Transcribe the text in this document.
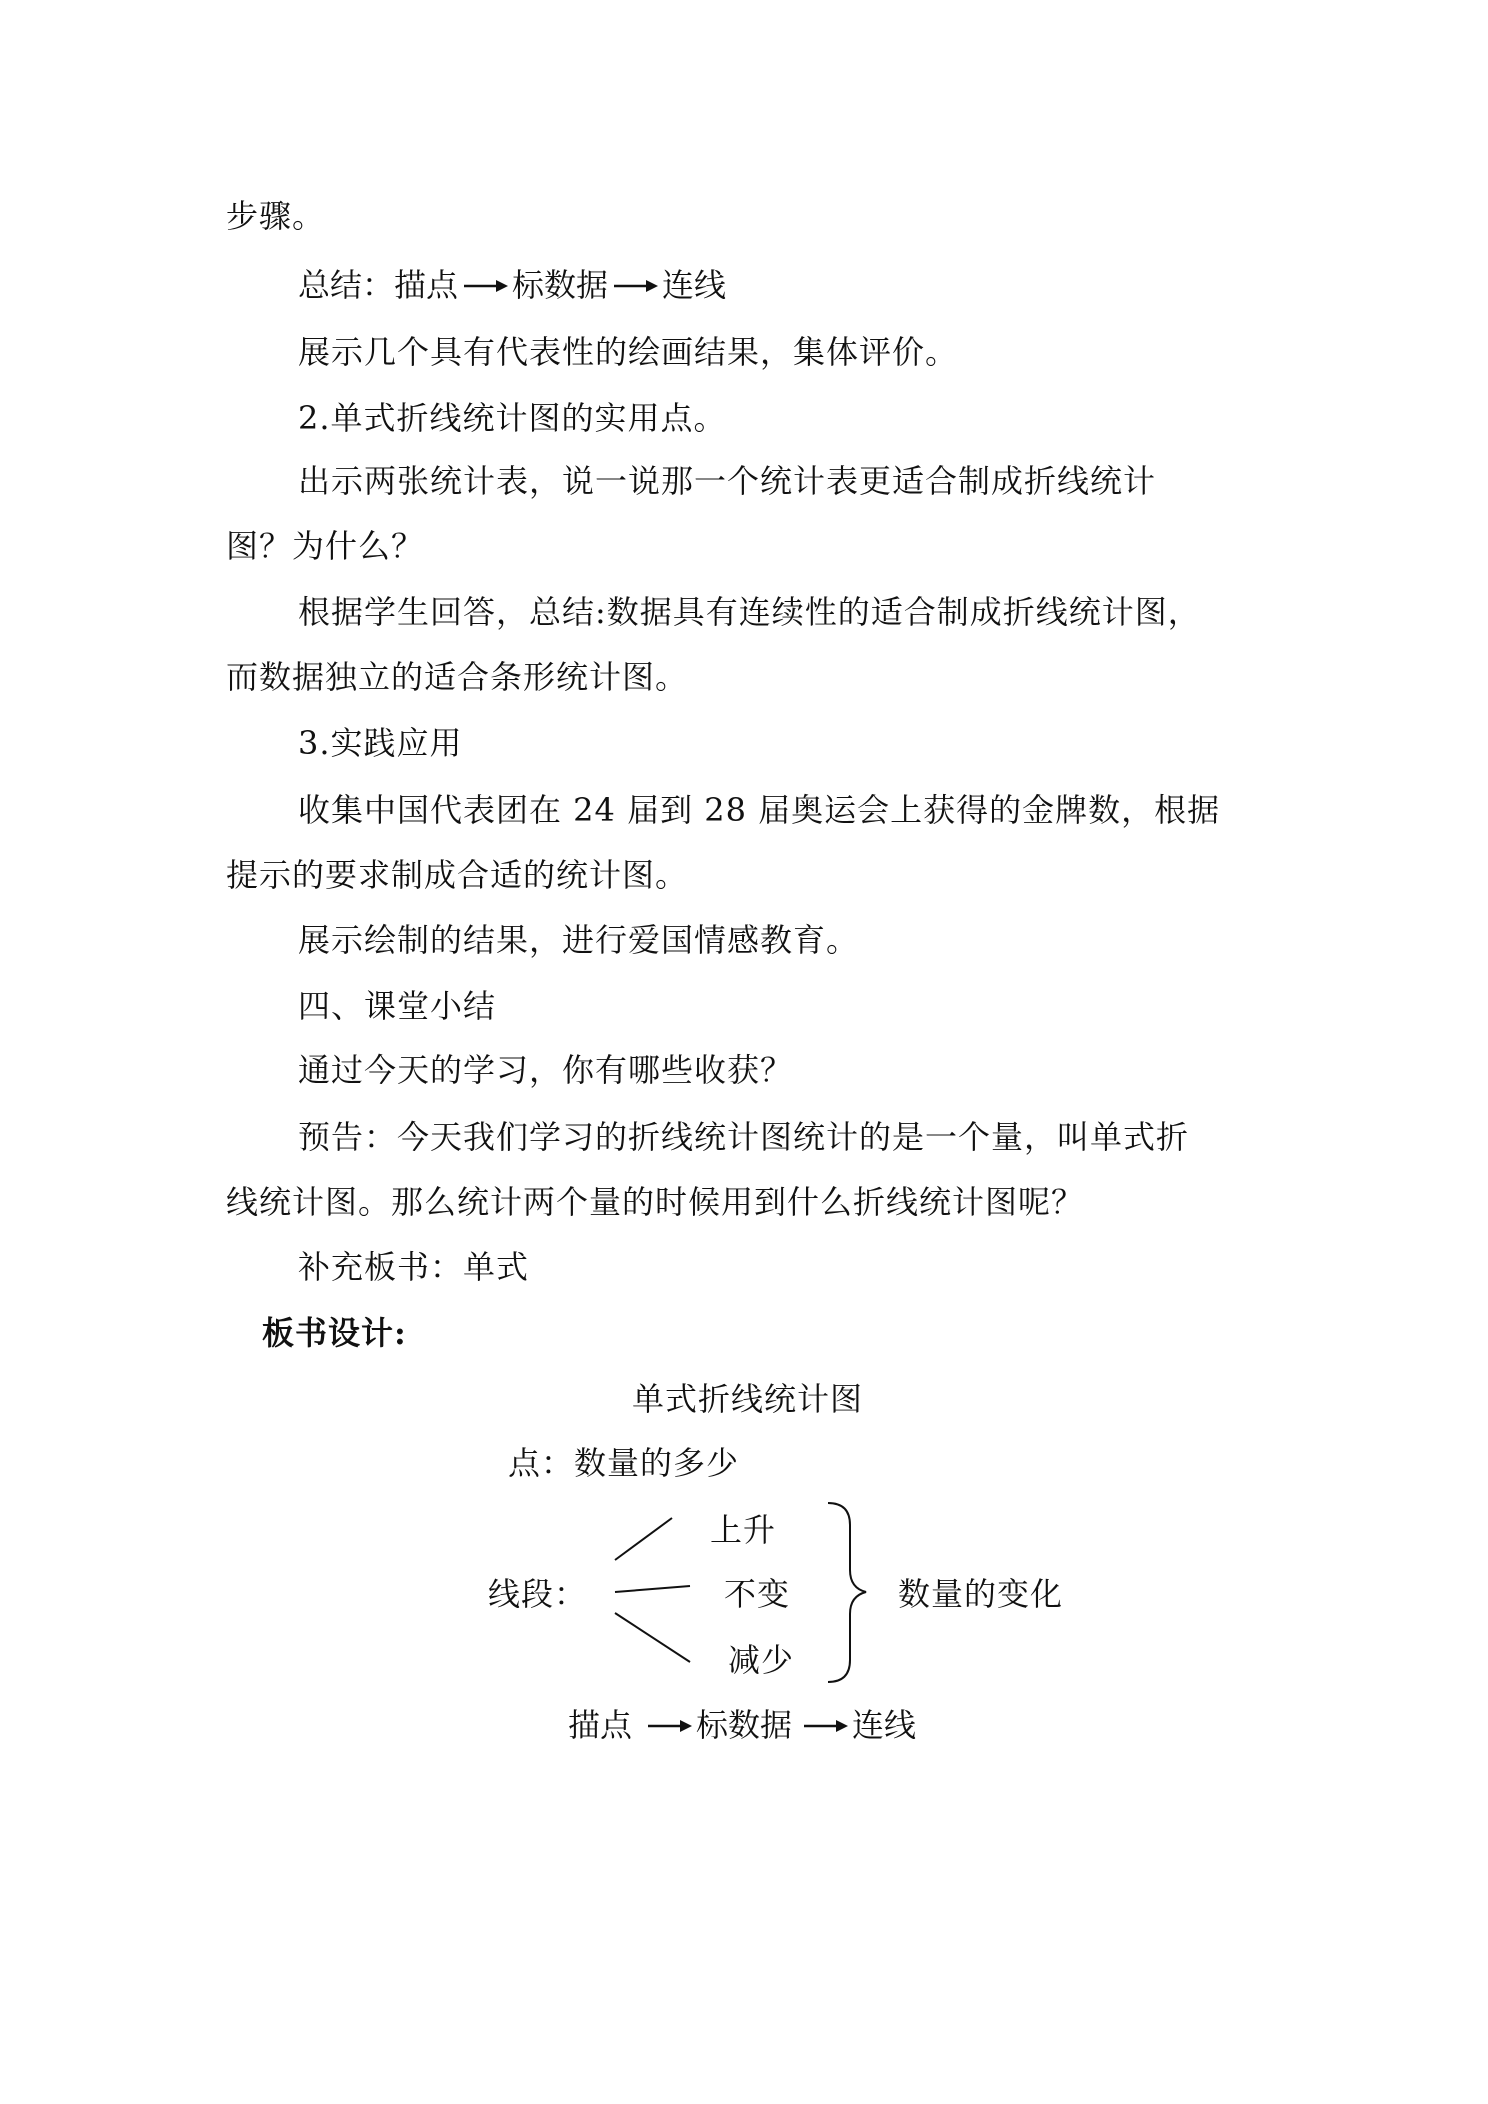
步骤。
总结： 描点 标数据 连线
展示几个具有代表性的绘画结果，集体评价。
2.单式折线统计图的实用点。
出示两张统计表，说一说那一个统计表更适合制成折线统计
图？为什么？
根据学生回答，总结:数据具有连续性的适合制成折线统计图，
而数据独立的适合条形统计图。
3.实践应用
收集中国代表团在 24 届到 28 届奥运会上获得的金牌数，根据
提示的要求制成合适的统计图。
展示绘制的结果，进行爱国情感教育。
四、课堂小结
通过今天的学习，你有哪些收获？
预告：今天我们学习的折线统计图统计的是一个量，叫单式折
线统计图。那么统计两个量的时候用到什么折线统计图呢？
补充板书：单式
板书设计:
单式折线统计图
点：数量的多少
上升
线段：	不变	数量的变化
减少
描点 标数据 连线
